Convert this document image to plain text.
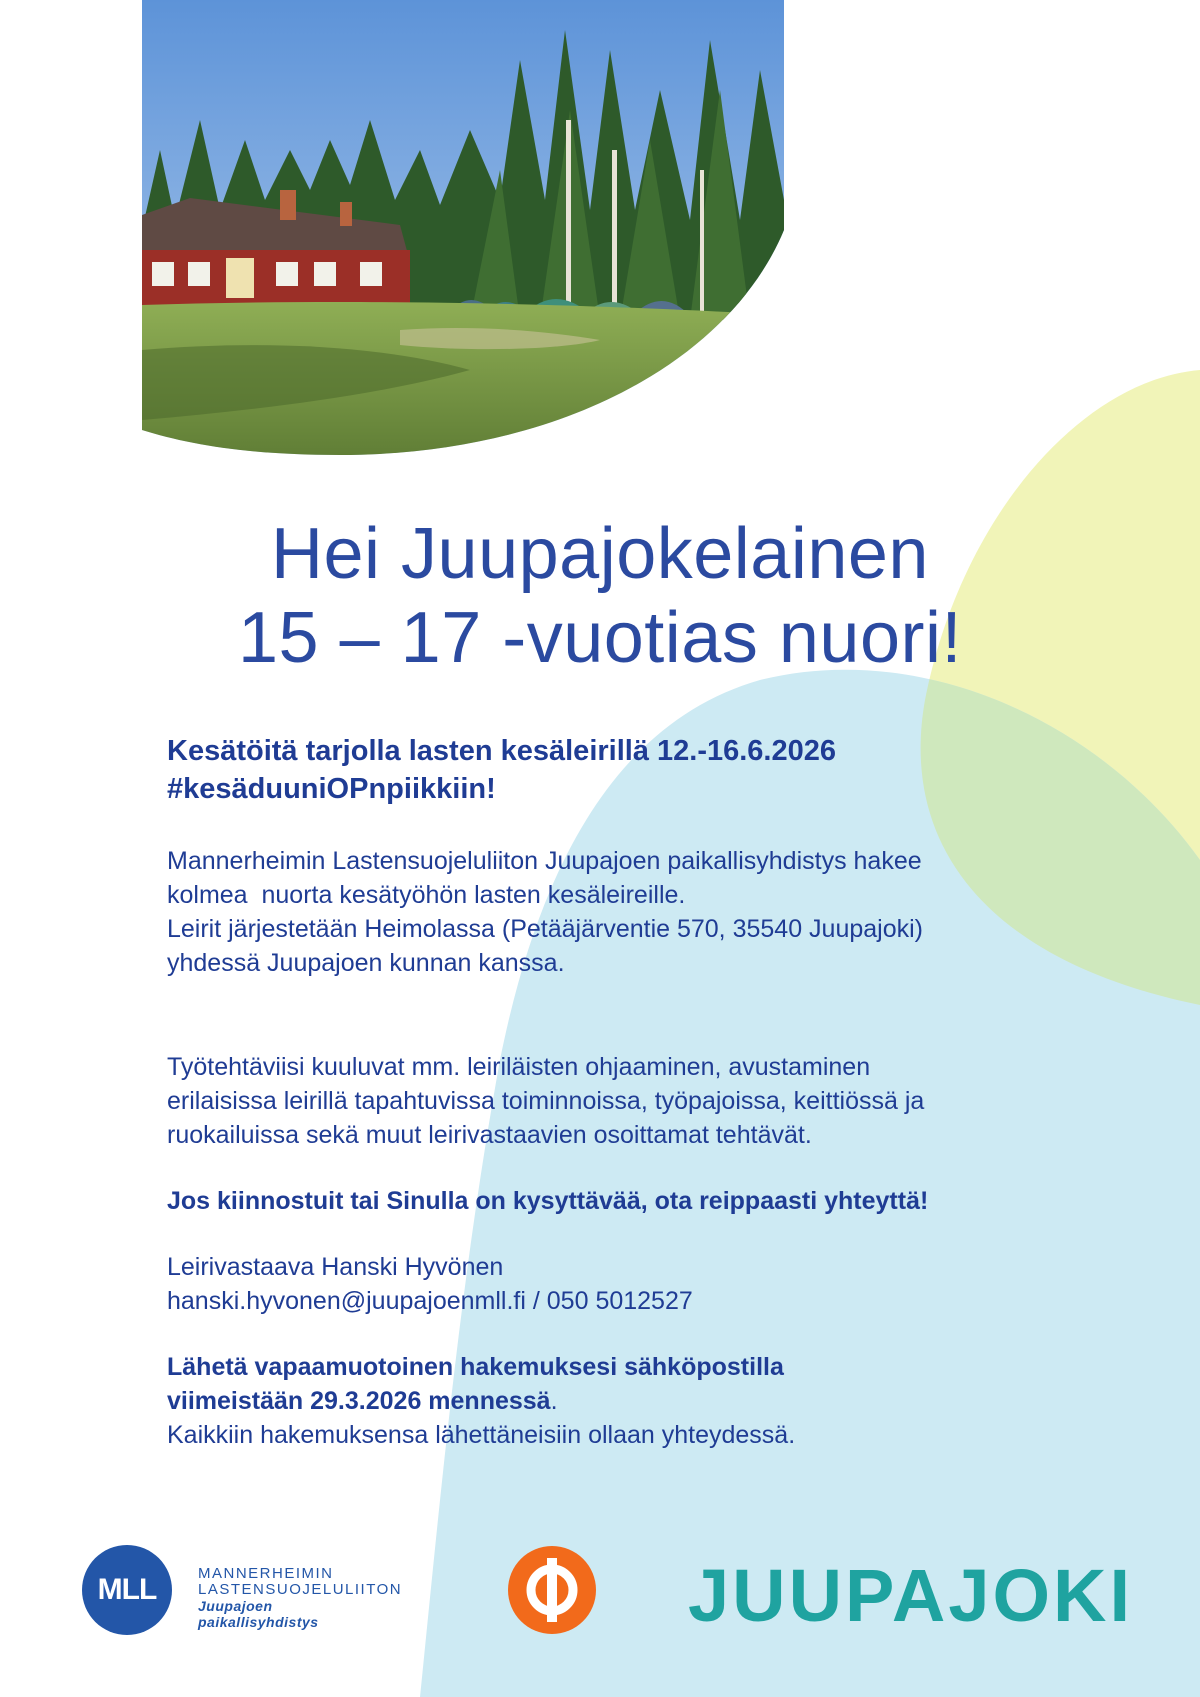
Hei Juupajokelainen
15 – 17 -vuotias nuori!

Kesätöitä tarjolla lasten kesäleirillä 12.-16.6.2026
#kesäduuniOPnpiikkiin!

Mannerheimin Lastensuojeluliiton Juupajoen paikallisyhdistys hakee
kolmea  nuorta kesätyöhön lasten kesäleireille.
Leirit järjestetään Heimolassa (Petääjärventie 570, 35540 Juupajoki)
yhdessä Juupajoen kunnan kanssa.

Työtehtäviisi kuuluvat mm. leiriläisten ohjaaminen, avustaminen
erilaisissa leirillä tapahtuvissa toiminnoissa, työpajoissa, keittiössä ja
ruokailuissa sekä muut leirivastaavien osoittamat tehtävät.

Jos kiinnostuit tai Sinulla on kysyttävää, ota reippaasti yhteyttä!

Leirivastaava Hanski Hyvönen
hanski.hyvonen@juupajoenmll.fi / 050 5012527

Lähetä vapaamuotoinen hakemuksesi sähköpostilla
viimeistään 29.3.2026 mennessä.
Kaikkiin hakemuksensa lähettäneisiin ollaan yhteydessä.

MLL	MANNERHEIMIN
LASTENSUOJELULIITON
Juupajoen
paikallisyhdistys	JUUPAJOKI
